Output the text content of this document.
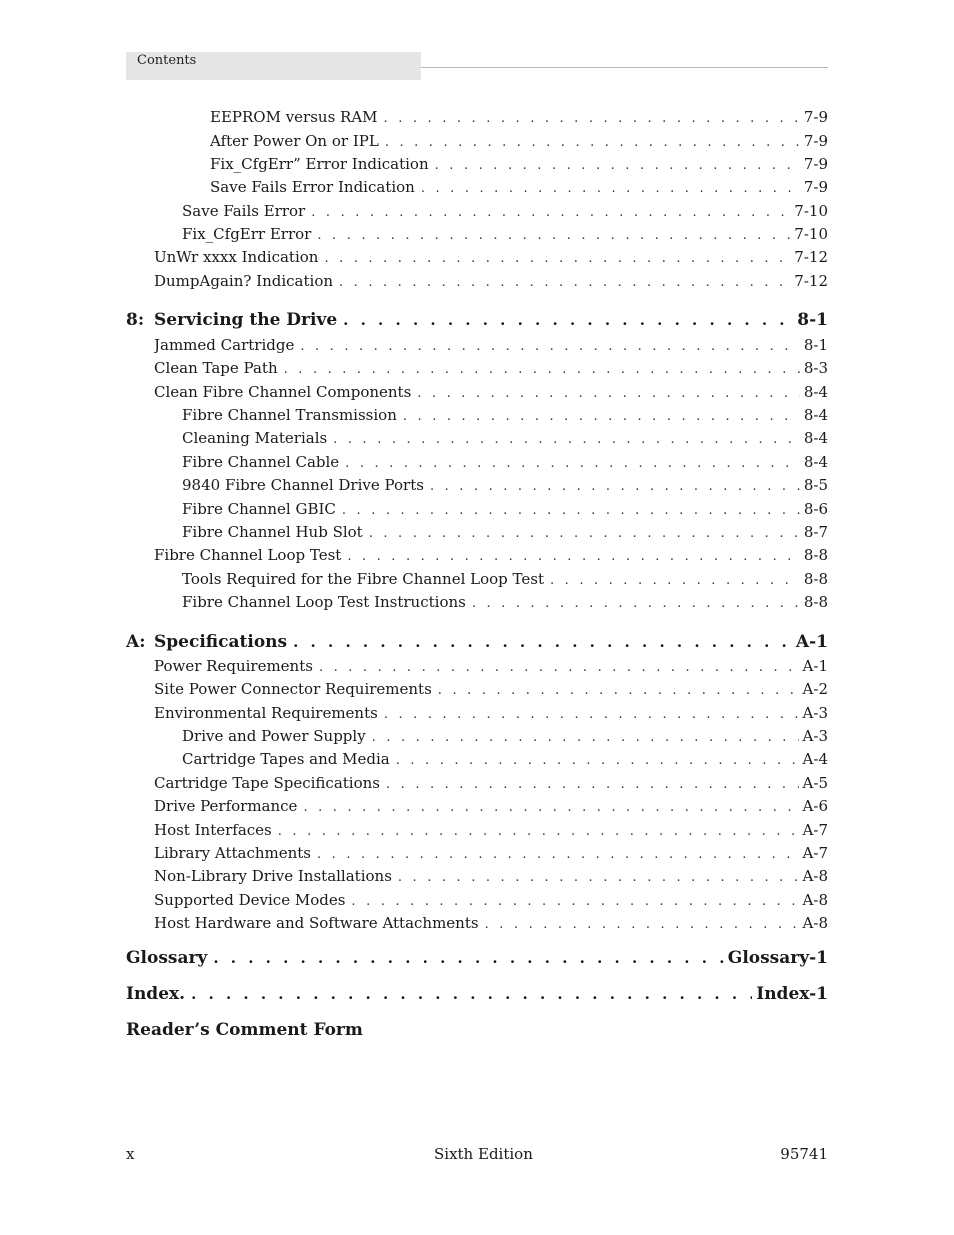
Contents
EEPROM versus RAM . . .	7-9
After Power On or IPL . . .	7-9
Fix_CfgErr” Error Indication . . .	7-9
Save Fails Error Indication . . .	7-9
Save Fails Error . . .	7-10
Fix_CfgErr Error . . .	7-10
UnWr xxxx Indication . . .	7-12
DumpAgain? Indication . . .	7-12
8: Servicing the Drive . . .	8-1
Jammed Cartridge . . .	8-1
Clean Tape Path . . .	8-3
Clean Fibre Channel Components . . .	8-4
Fibre Channel Transmission . . .	8-4
Cleaning Materials . . .	8-4
Fibre Channel Cable . . .	8-4
9840 Fibre Channel Drive Ports . . .	8-5
Fibre Channel GBIC . . .	8-6
Fibre Channel Hub Slot . . .	8-7
Fibre Channel Loop Test . . .	8-8
Tools Required for the Fibre Channel Loop Test . . .	8-8
Fibre Channel Loop Test Instructions . . .	8-8
A: Specifications . . .	A-1
Power Requirements . . .	A-1
Site Power Connector Requirements . . .	A-2
Environmental Requirements . . .	A-3
Drive and Power Supply . . .	A-3
Cartridge Tapes and Media . . .	A-4
Cartridge Tape Specifications . . .	A-5
Drive Performance . . .	A-6
Host Interfaces . . .	A-7
Library Attachments . . .	A-7
Non-Library Drive Installations . . .	A-8
Supported Device Modes . . .	A-8
Host Hardware and Software Attachments . . .	A-8
Glossary . . .	Glossary-1
Index. . . .	Index-1
Reader’s Comment Form
x	Sixth Edition	95741
